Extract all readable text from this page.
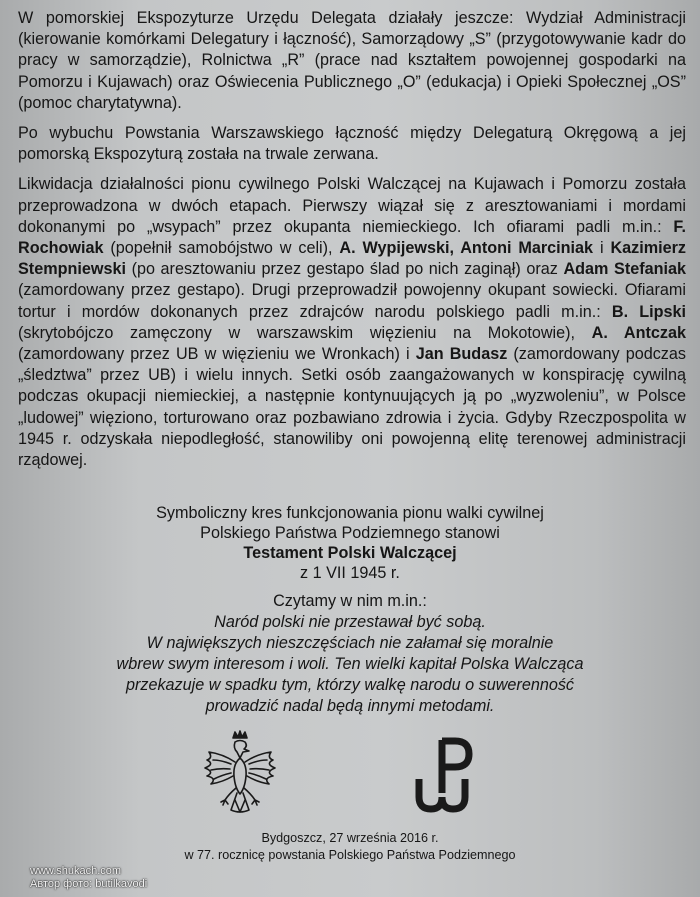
W pomorskiej Ekspozyturze Urzędu Delegata działały jeszcze: Wydział Administracji (kierowanie komórkami Delegatury i łączność), Samorządowy „S” (przygotowywanie kadr do pracy w samorządzie), Rolnictwa „R” (prace nad kształtem powojennej gospodarki na Pomorzu i Kujawach) oraz Oświecenia Publicznego „O” (edukacja) i Opieki Społecznej „OS” (pomoc charytatywna).

Po wybuchu Powstania Warszawskiego łączność między Delegaturą Okręgową a jej pomorską Ekspozyturą została na trwale zerwana.

Likwidacja działalności pionu cywilnego Polski Walczącej na Kujawach i Pomorzu została przeprowadzona w dwóch etapach. Pierwszy wiązał się z aresztowaniami i mordami dokonanymi po „wsypach” przez okupanta niemieckiego. Ich ofiarami padli m.in.: F. Rochowiak (popełnił samobójstwo w celi), A. Wypijewski, Antoni Marciniak i Kazimierz Stempniewski (po aresztowaniu przez gestapo ślad po nich zaginął) oraz Adam Stefaniak (zamordowany przez gestapo). Drugi przeprowadził powojenny okupant sowiecki. Ofiarami tortur i mordów dokonanych przez zdrajców narodu polskiego padli m.in.: B. Lipski (skrytobójczo zamęczony w warszawskim więzieniu na Mokotowie), A. Antczak (zamordowany przez UB w więzieniu we Wronkach) i Jan Budasz (zamordowany podczas „śledztwa” przez UB) i wielu innych. Setki osób zaangażowanych w konspirację cywilną podczas okupacji niemieckiej, a następnie kontynuujących ją po „wyzwoleniu”, w Polsce „ludowej” więziono, torturowano oraz pozbawiano zdrowia i życia. Gdyby Rzeczpospolita w 1945 r. odzyskała niepodległość, stanowiliby oni powojenną elitę terenowej administracji rządowej.

Symboliczny kres funkcjonowania pionu walki cywilnej
Polskiego Państwa Podziemnego stanowi
Testament Polski Walczącej
z 1 VII 1945 r.
Czytamy w nim m.in.:
Naród polski nie przestawał być sobą.
W największych nieszczęściach nie załamał się moralnie
wbrew swym interesom i woli. Ten wielki kapitał Polska Walcząca
przekazuje w spadku tym, którzy walkę narodu o suwerenność
prowadzić nadal będą innymi metodami.
Bydgoszcz, 27 września 2016 r.
w 77. rocznicę powstania Polskiego Państwa Podziemnego
www.shukach.com
Автор фото: butilkavodi
